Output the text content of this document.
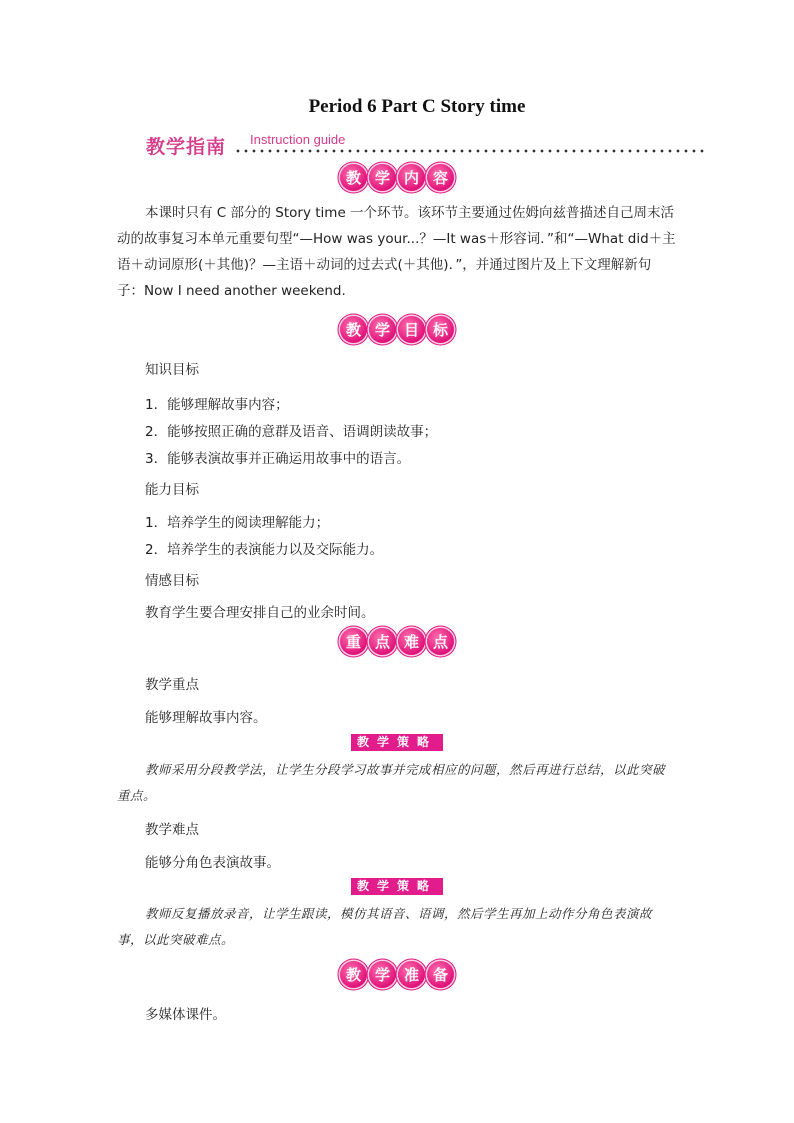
Period 6 Part C Story time
教学指南 Instruction guide
教 学 内 容

本课时只有 C 部分的 Story time 一个环节。该环节主要通过佐姆向兹普描述自己周末活动的故事复习本单元重要句型“—How was your...？—It was＋形容词．”和“—What did＋主语＋动词原形(＋其他)？—主语＋动词的过去式(＋其他)．”，并通过图片及上下文理解新句子：Now I need another weekend.

教 学 目 标
知识目标
1．能够理解故事内容；
2．能够按照正确的意群及语音、语调朗读故事；
3．能够表演故事并正确运用故事中的语言。
能力目标
1．培养学生的阅读理解能力；
2．培养学生的表演能力以及交际能力。
情感目标
教育学生要合理安排自己的业余时间。
重 点 难 点
教学重点
能够理解故事内容。
教学策略

教师采用分段教学法，让学生分段学习故事并完成相应的问题，然后再进行总结，以此突破重点。

教学难点
能够分角色表演故事。
教学策略

教师反复播放录音，让学生跟读，模仿其语音、语调，然后学生再加上动作分角色表演故事，以此突破难点。

教 学 准 备
多媒体课件。
